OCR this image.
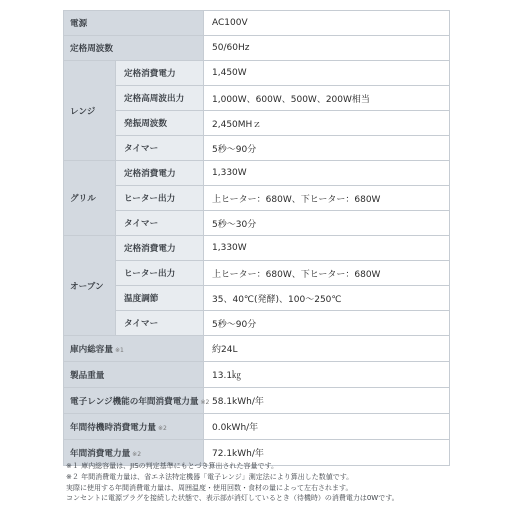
電源		AC100V
定格周波数		50/60Hz
レンジ	定格消費電力	1,450W
	定格高周波出力	1,000W、600W、500W、200W相当
	発振周波数	2,450MHｚ
	タイマー	5秒〜90分
グリル	定格消費電力	1,330W
	ヒーター出力	上ヒーター：680W、下ヒーター：680W
	タイマー	5秒〜30分
オーブン	定格消費電力	1,330W
	ヒーター出力	上ヒーター：680W、下ヒーター：680W
	温度調節	35、40℃(発酵)、100〜250℃
	タイマー	5秒〜90分
庫内総容量 ※1		約24L
製品重量		13.1㎏
電子レンジ機能の年間消費電力量 ※2		58.1kWh/年
年間待機時消費電力量 ※2		0.0kWh/年
年間消費電力量 ※2		72.1kWh/年
※１ 庫内総容量は、JISの判定基準にもとづき算出された容量です。
※２ 年間消費電力量は、省エネ法特定機器「電子レンジ」測定法により算出した数値です。
実際に使用する年間消費電力量は、周囲温度・使用回数・食材の量によって左右されます。
コンセントに電源プラグを接続した状態で、表示部が消灯しているとき（待機時）の消費電力は0Wです。
